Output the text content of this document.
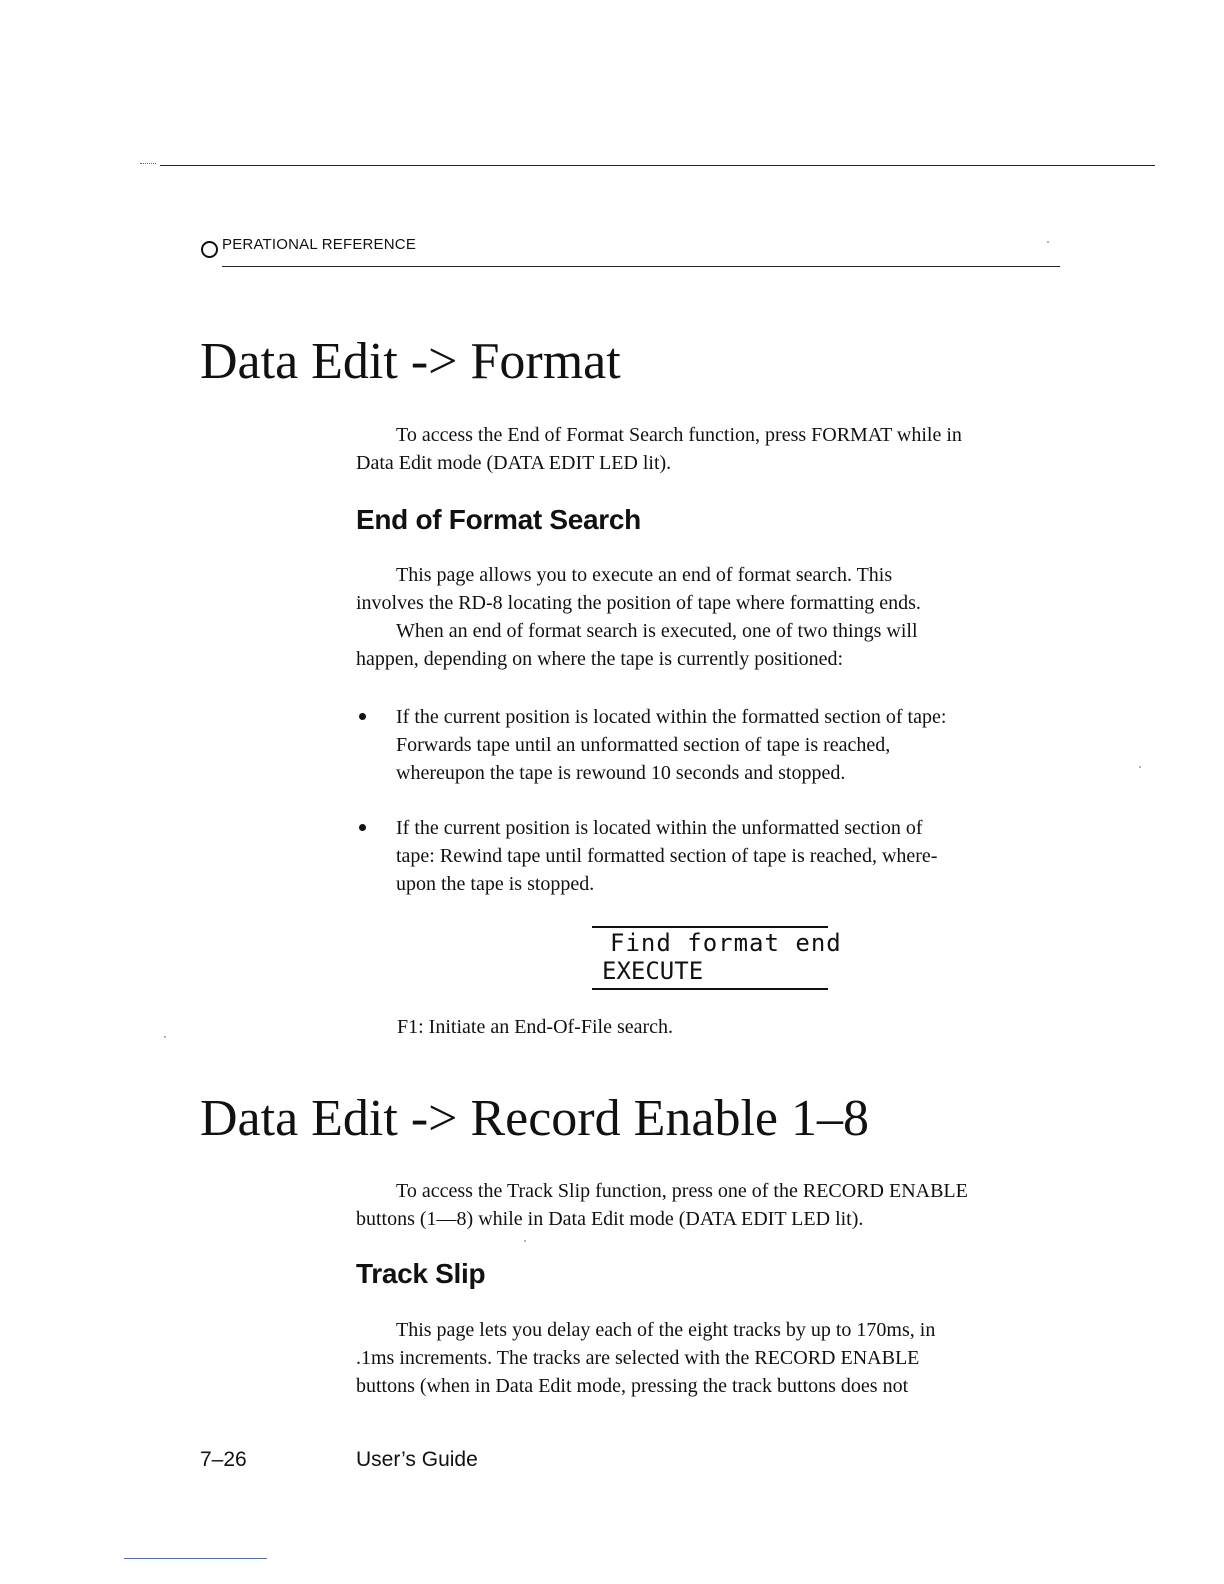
PERATIONAL REFERENCE
Data Edit -> Format
To access the End of Format Search function, press FORMAT while in
Data Edit mode (DATA EDIT LED lit).
End of Format Search
This page allows you to execute an end of format search. This
involves the RD-8 locating the position of tape where formatting ends.
When an end of format search is executed, one of two things will
happen, depending on where the tape is currently positioned:
If the current position is located within the formatted section of tape:
Forwards tape until an unformatted section of tape is reached,
whereupon the tape is rewound 10 seconds and stopped.
If the current position is located within the unformatted section of
tape: Rewind tape until formatted section of tape is reached, where-
upon the tape is stopped.
Find format end
EXECUTE
F1: Initiate an End-Of-File search.
Data Edit -> Record Enable 1–8
To access the Track Slip function, press one of the RECORD ENABLE
buttons (1—8) while in Data Edit mode (DATA EDIT LED lit).
Track Slip
This page lets you delay each of the eight tracks by up to 170ms, in
.1ms increments. The tracks are selected with the RECORD ENABLE
buttons (when in Data Edit mode, pressing the track buttons does not
7–26	User’s Guide
